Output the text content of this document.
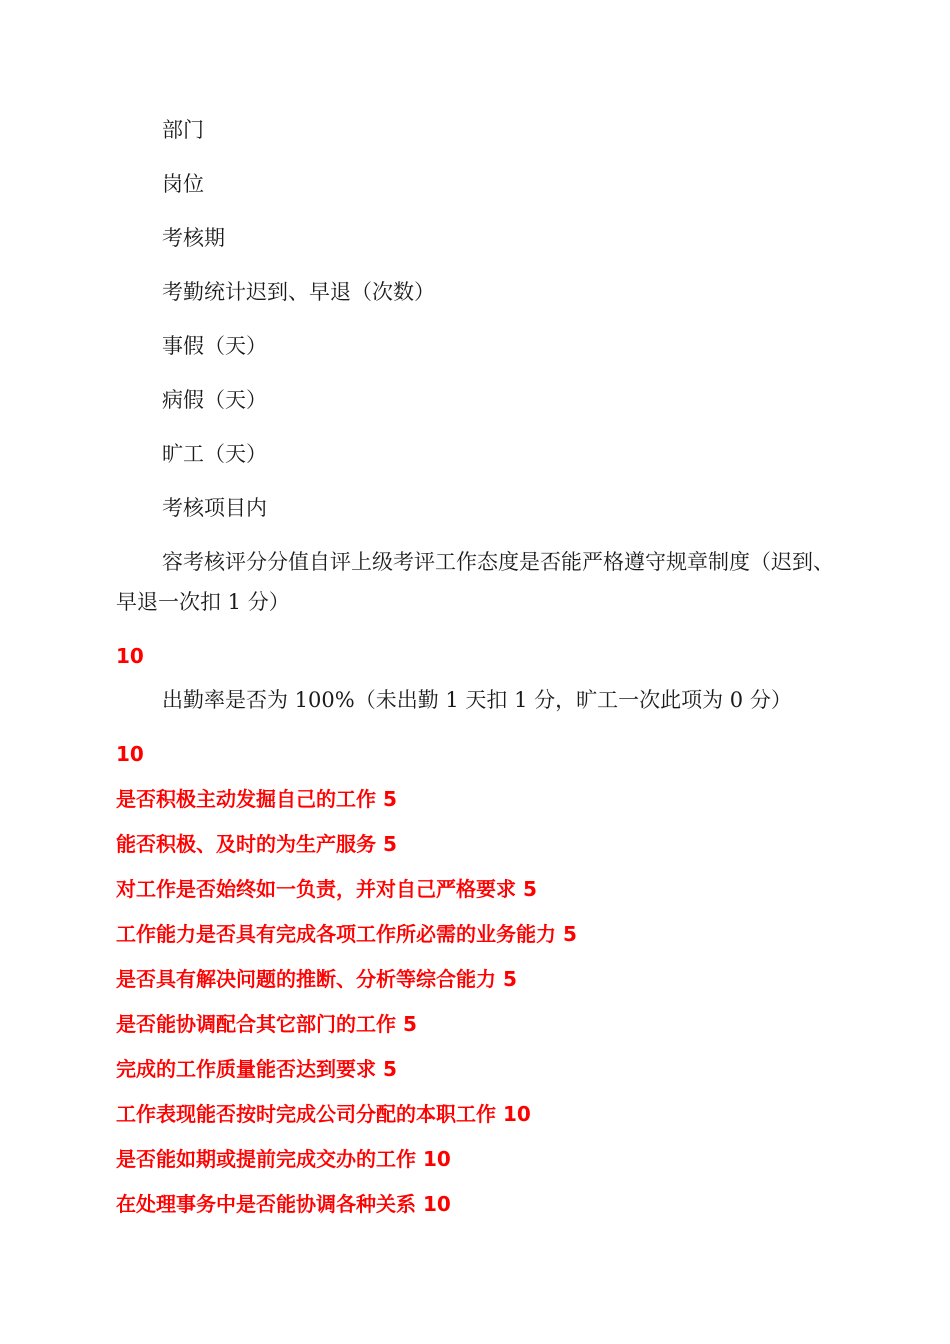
部门
岗位
考核期
考勤统计迟到、早退（次数）
事假（天）
病假（天）
旷工（天）
考核项目内
容考核评分分值自评上级考评工作态度是否能严格遵守规章制度（迟到、早退一次扣 1 分）
10
出勤率是否为 100%（未出勤 1 天扣 1 分，旷工一次此项为 0 分）
10
是否积极主动发掘自己的工作 5
能否积极、及时的为生产服务 5
对工作是否始终如一负责，并对自己严格要求 5
工作能力是否具有完成各项工作所必需的业务能力 5
是否具有解决问题的推断、分析等综合能力 5
是否能协调配合其它部门的工作 5
完成的工作质量能否达到要求 5
工作表现能否按时完成公司分配的本职工作 10
是否能如期或提前完成交办的工作 10
在处理事务中是否能协调各种关系 10
